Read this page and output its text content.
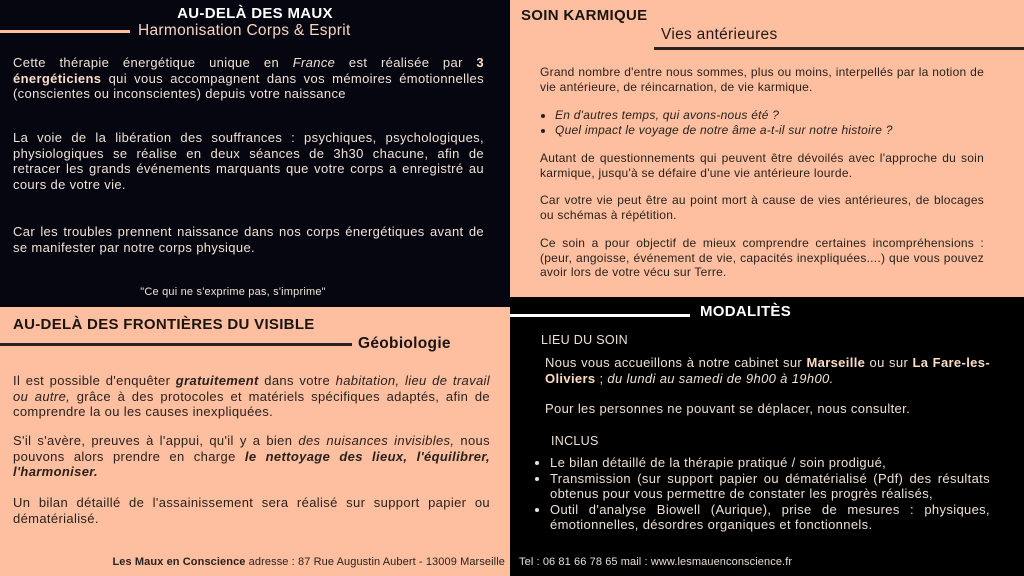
AU-DELÀ DES MAUX
Harmonisation Corps & Esprit

Cette thérapie énergétique unique en France est réalisée par 3 énergéticiens qui vous accompagnent dans vos mémoires émotionnelles (conscientes ou inconscientes) depuis votre naissance

La voie de la libération des souffrances : psychiques, psychologiques, physiologiques se réalise en deux séances de 3h30 chacune, afin de retracer les grands événements marquants que votre corps a enregistré au cours de votre vie.

Car les troubles prennent naissance dans nos corps énergétiques avant de se manifester par notre corps physique.

"Ce qui ne s'exprime pas, s'imprime"
SOIN KARMIQUE
Vies antérieures

Grand nombre d'entre nous sommes, plus ou moins, interpellés par la notion de vie antérieure, de réincarnation, de vie karmique.

• En d'autres temps, qui avons-nous été ?
• Quel impact le voyage de notre âme a-t-il sur notre histoire ?

Autant de questionnements qui peuvent être dévoilés avec l'approche du soin karmique, jusqu'à se défaire d'une vie antérieure lourde.

Car votre vie peut être au point mort à cause de vies antérieures, de blocages ou schémas à répétition.

Ce soin a pour objectif de mieux comprendre certaines incompréhensions : (peur, angoisse, événement de vie, capacités inexpliquées....) que vous pouvez avoir lors de votre vécu sur Terre.

AU-DELÀ DES FRONTIÈRES DU VISIBLE
Géobiologie

Il est possible d'enquêter gratuitement dans votre habitation, lieu de travail ou autre, grâce à des protocoles et matériels spécifiques adaptés, afin de comprendre la ou les causes inexpliquées.

S'il s'avère, preuves à l'appui, qu'il y a bien des nuisances invisibles, nous pouvons alors prendre en charge le nettoyage des lieux, l'équilibrer, l'harmoniser.

Un bilan détaillé de l'assainissement sera réalisé sur support papier ou dématérialisé.

Les Maux en Conscience adresse : 87 Rue Augustin Aubert - 13009 Marseille
MODALITÈS
LIEU DU SOIN

Nous vous accueillons à notre cabinet sur Marseille ou sur La Fare-les-Oliviers ; du lundi au samedi de 9h00 à 19h00.

Pour les personnes ne pouvant se déplacer, nous consulter.

INCLUS
• Le bilan détaillé de la thérapie pratiqué / soin prodigué,
• Transmission (sur support papier ou dématérialisé (Pdf) des résultats obtenus pour vous permettre de constater les progrès réalisés,
• Outil d'analyse Biowell (Aurique), prise de mesures : physiques, émotionnelles, désordres organiques et fonctionnels.
Tel : 06 81 66 78 65 mail : www.lesmauenconscience.fr
